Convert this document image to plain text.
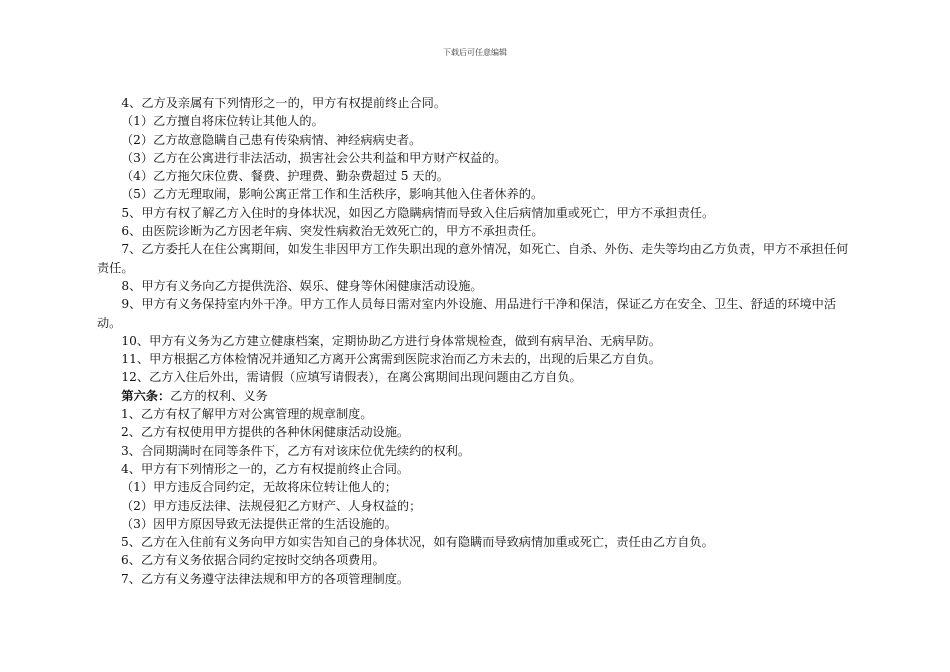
下载后可任意编辑

4、乙方及亲属有下列情形之一的，甲方有权提前终止合同。

（1）乙方擅自将床位转让其他人的。

（2）乙方故意隐瞒自己患有传染病情、神经病病史者。

（3）乙方在公寓进行非法活动，损害社会公共利益和甲方财产权益的。

（4）乙方拖欠床位费、餐费、护理费、勤杂费超过 5 天的。

（5）乙方无理取闹，影响公寓正常工作和生活秩序，影响其他入住者休养的。

5、甲方有权了解乙方入住时的身体状况，如因乙方隐瞒病情而导致入住后病情加重或死亡，甲方不承担责任。

6、由医院诊断为乙方因老年病、突发性病救治无效死亡的，甲方不承担责任。

7、乙方委托人在住公寓期间，如发生非因甲方工作失职出现的意外情况，如死亡、自杀、外伤、走失等均由乙方负责，甲方不承担任何责任。

8、甲方有义务向乙方提供洗浴、娱乐、健身等休闲健康活动设施。

9、甲方有义务保持室内外干净。甲方工作人员每日需对室内外设施、用品进行干净和保洁，保证乙方在安全、卫生、舒适的环境中活动。

10、甲方有义务为乙方建立健康档案，定期协助乙方进行身体常规检查，做到有病早治、无病早防。

11、甲方根据乙方体检情况并通知乙方离开公寓需到医院求治而乙方未去的，出现的后果乙方自负。

12、乙方入住后外出，需请假（应填写请假表），在离公寓期间出现问题由乙方自负。

第六条：乙方的权利、义务

1、乙方有权了解甲方对公寓管理的规章制度。

2、乙方有权使用甲方提供的各种休闲健康活动设施。

3、合同期满时在同等条件下，乙方有对该床位优先续约的权利。

4、甲方有下列情形之一的，乙方有权提前终止合同。

（1）甲方违反合同约定，无故将床位转让他人的；

（2）甲方违反法律、法规侵犯乙方财产、人身权益的；

（3）因甲方原因导致无法提供正常的生活设施的。

5、乙方在入住前有义务向甲方如实告知自己的身体状况，如有隐瞒而导致病情加重或死亡，责任由乙方自负。

6、乙方有义务依据合同约定按时交纳各项费用。

7、乙方有义务遵守法律法规和甲方的各项管理制度。
